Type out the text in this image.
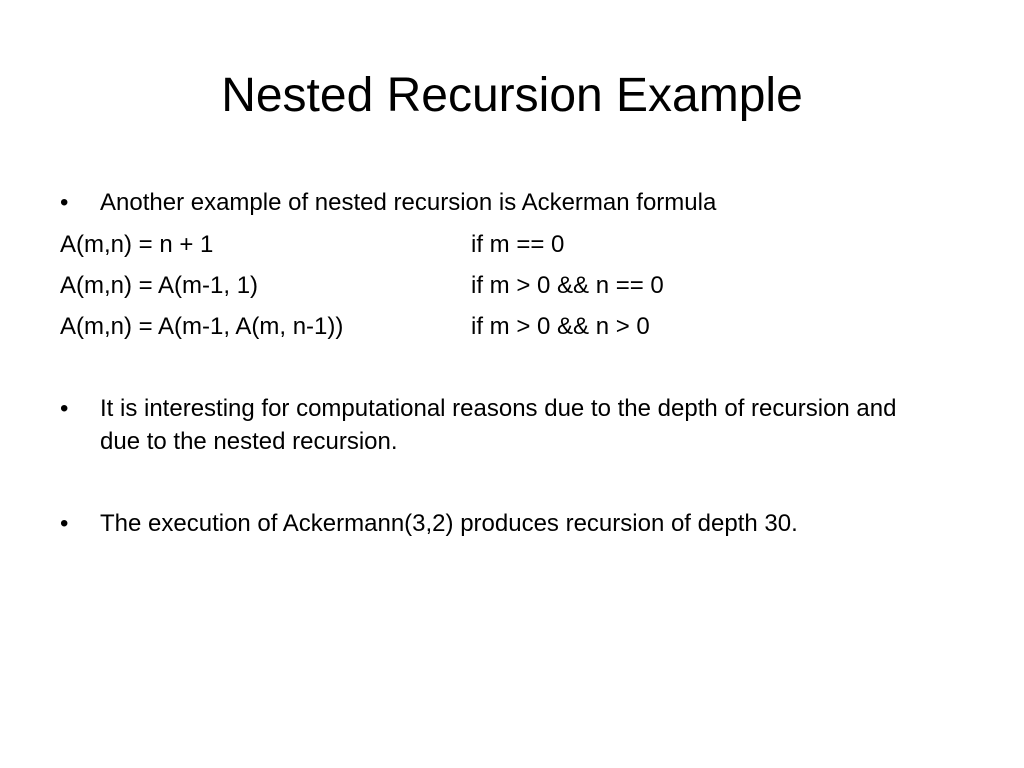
Nested Recursion Example
•	Another example of nested recursion is Ackerman formula
A(m,n) = n + 1	if m == 0
A(m,n) = A(m-1, 1)	if m > 0 && n == 0
A(m,n) = A(m-1, A(m, n-1))	if m > 0 && n > 0
•	It is interesting for computational reasons due to the depth of recursion and due to the nested recursion.
•	The execution of Ackermann(3,2) produces recursion of depth 30.
